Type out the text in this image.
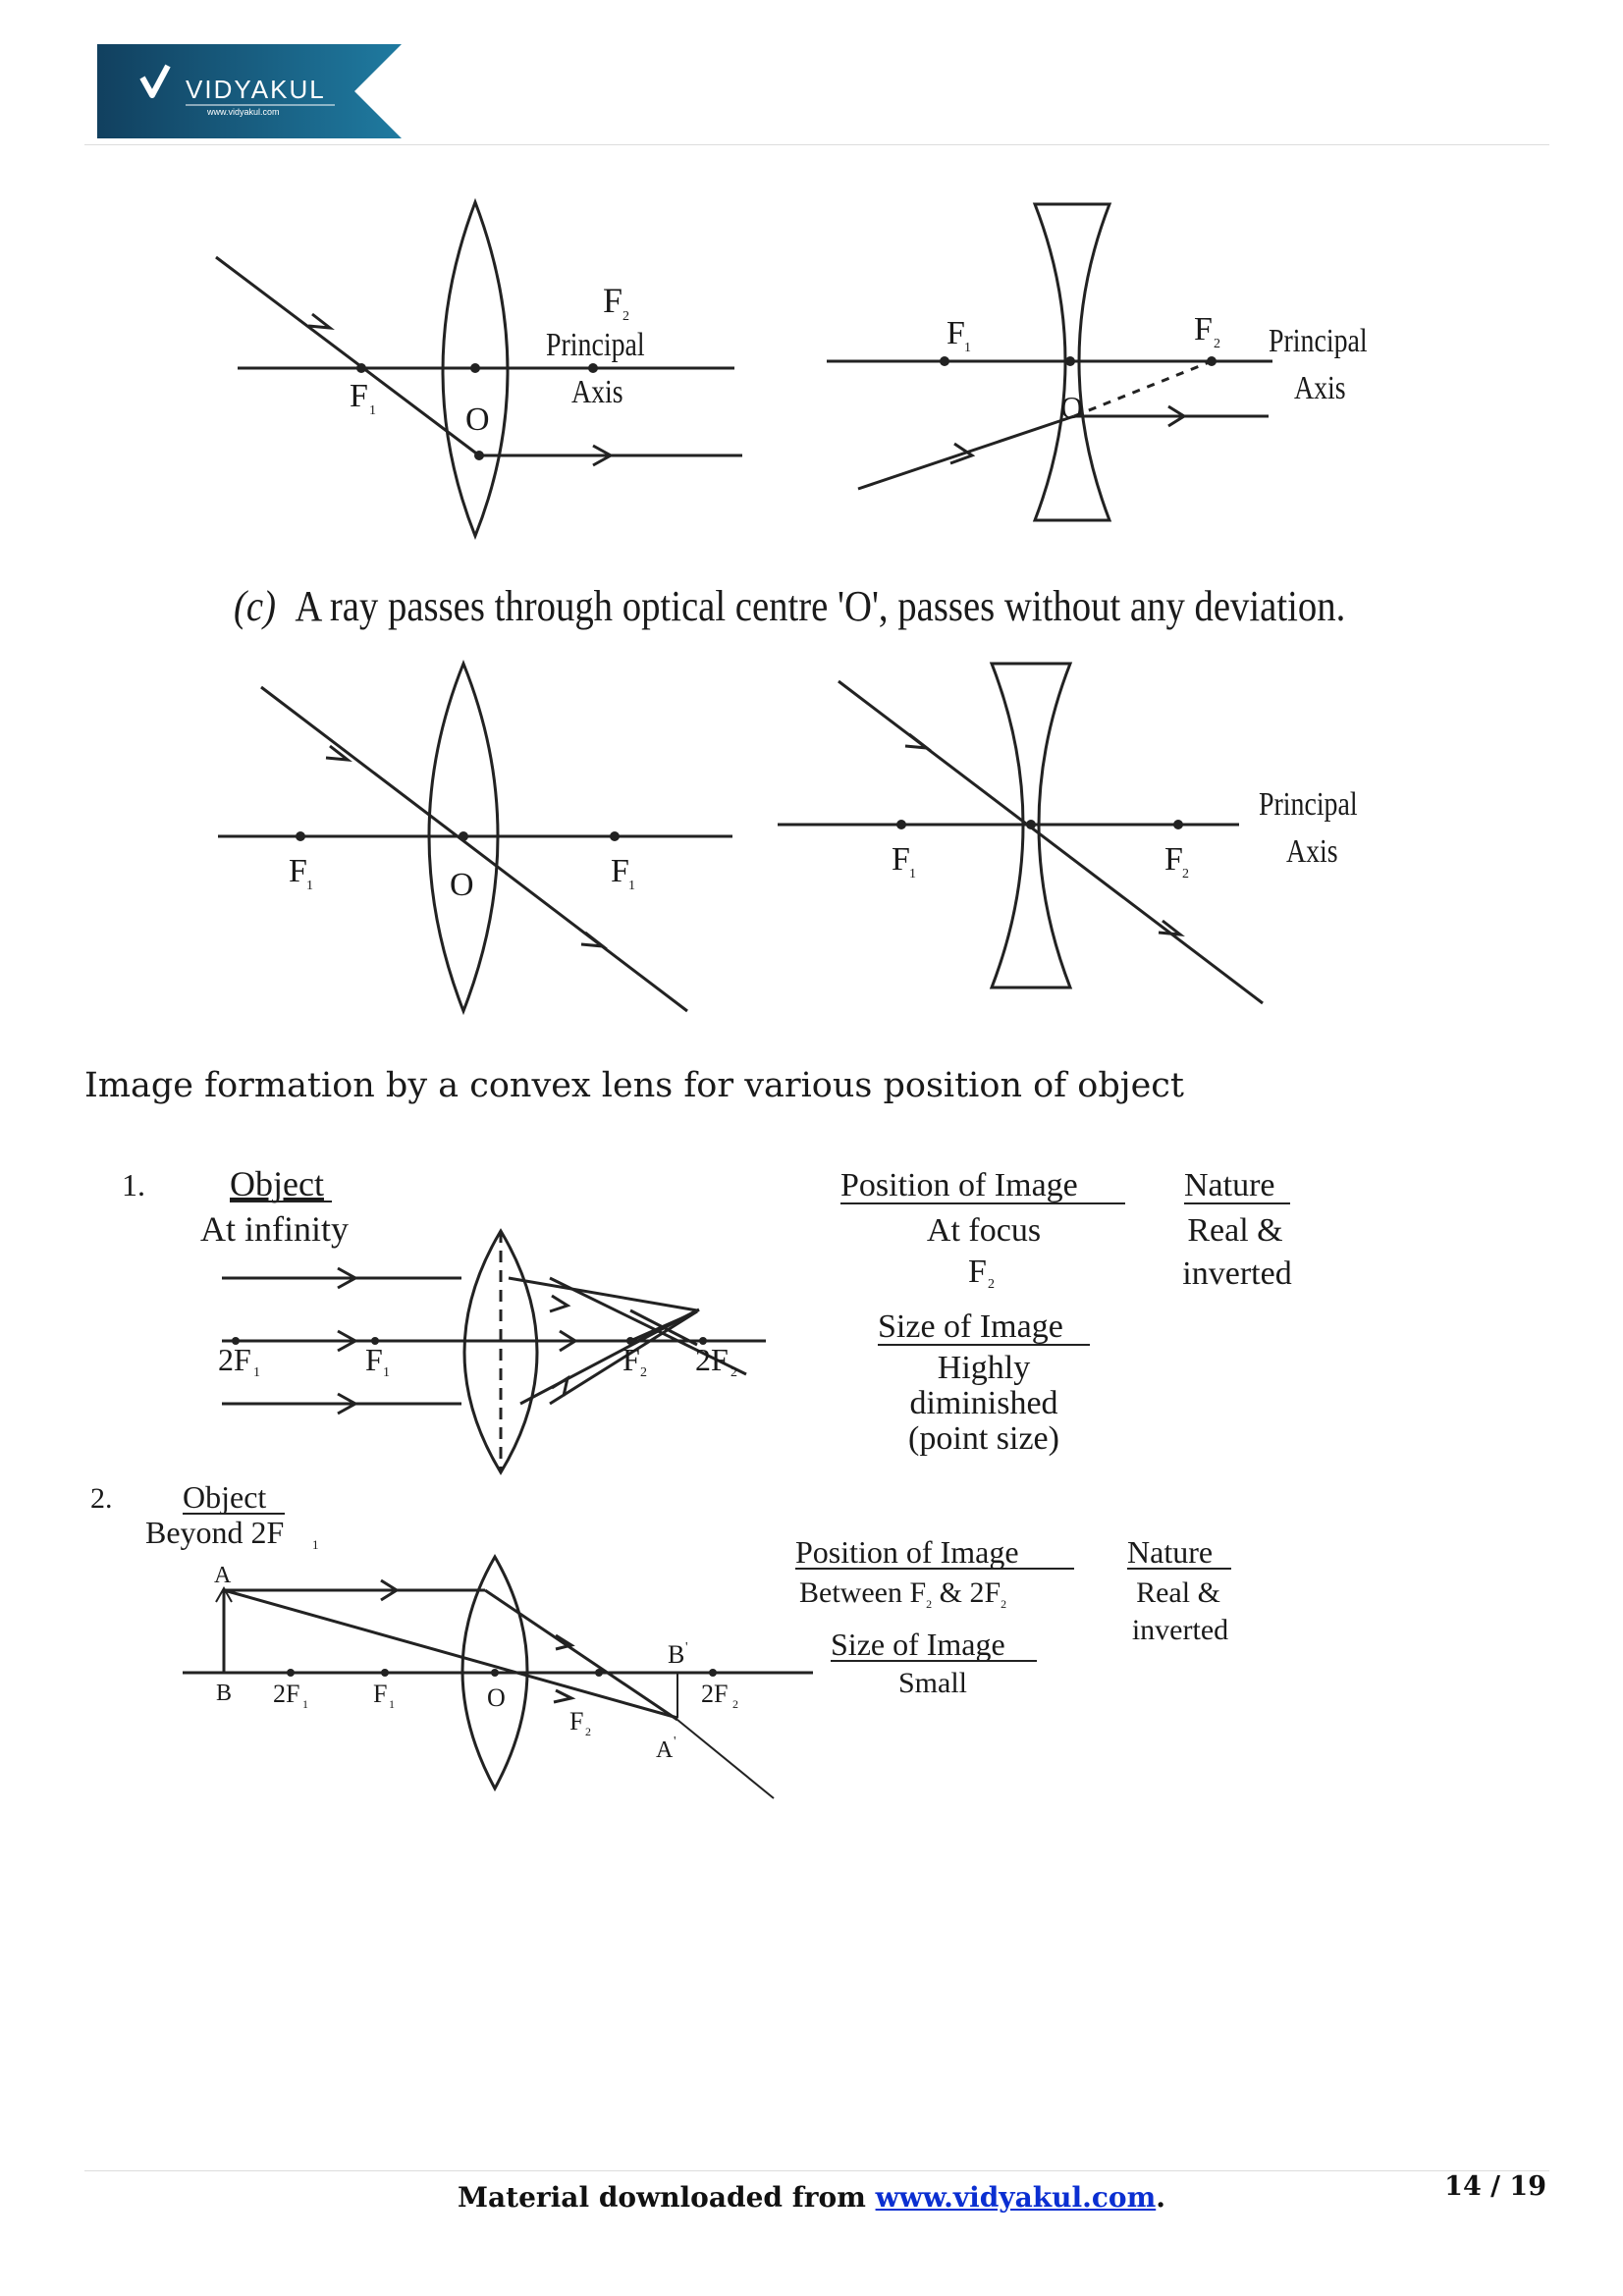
VIDYAKUL
www.vidyakul.com
F 2
Principal
Axis
F 1	O
F 1
F 2
O
Principal
Axis
(c) A ray passes through optical centre 'O', passes without any deviation.
F 1	O	F 1
F 1	F 2
Principal
Axis
Image formation by a convex lens for various position of object
1. Object
At infinity
2F 1	F 1	F 2 2F 2
Position of Image
At focus
F 2
Nature
Real &
inverted
Size of Image
Highly
diminished
(point size)
2. Object
Beyond 2F 1
A
B 2F 1	F 1	O
F 2
B '
2F 2
A '
Position of Image
Between $F_2$ & $2F_2$
Nature
Real &
inverted
Size of Image
Small
Material downloaded from www.vidyakul.com.	14 / 19
